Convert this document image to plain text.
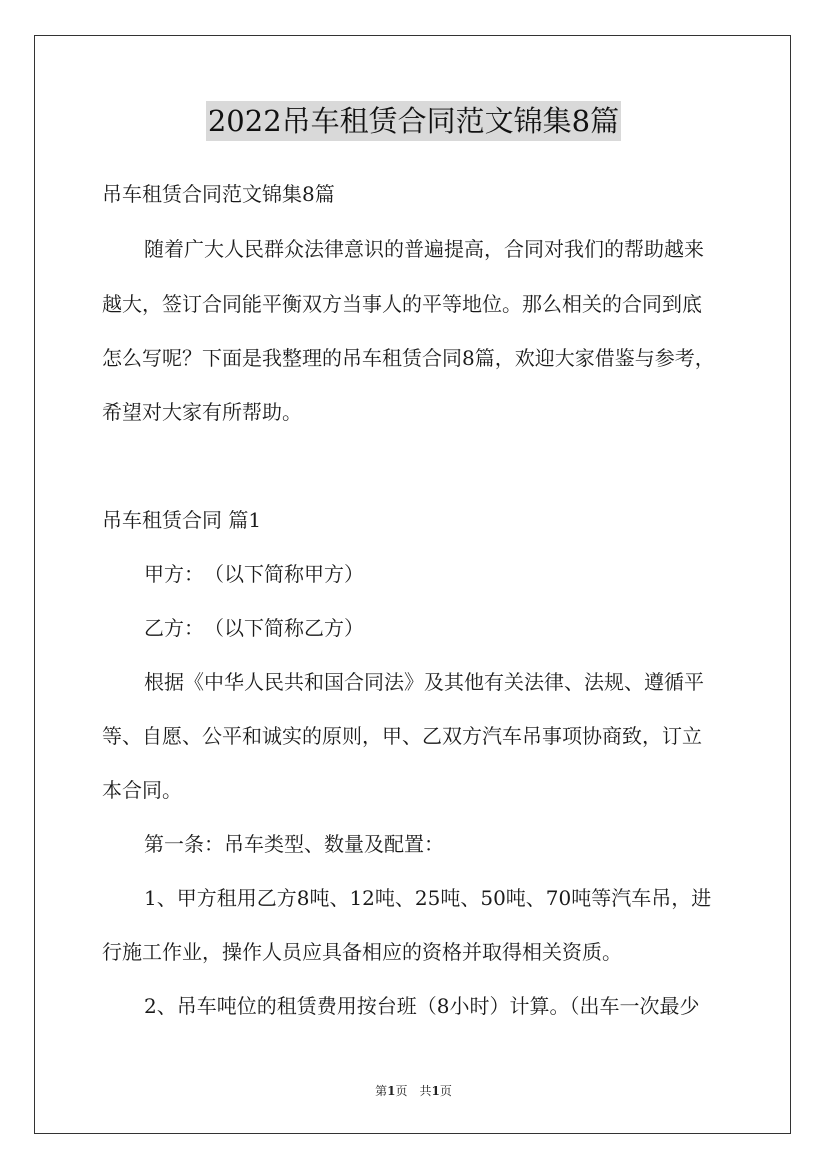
2022吊车租赁合同范文锦集8篇
吊车租赁合同范文锦集8篇
随着广大人民群众法律意识的普遍提高，合同对我们的帮助越来
越大，签订合同能平衡双方当事人的平等地位。那么相关的合同到底
怎么写呢？下面是我整理的吊车租赁合同8篇，欢迎大家借鉴与参考，
希望对大家有所帮助。
吊车租赁合同 篇1
甲方：　（以下简称甲方）
乙方：　（以下简称乙方）
根据《中华人民共和国合同法》及其他有关法律、法规、遵循平
等、自愿、公平和诚实的原则，甲、乙双方汽车吊事项协商致，订立
本合同。
第一条：吊车类型、数量及配置：
1、甲方租用乙方8吨、12吨、25吨、50吨、70吨等汽车吊，进
行施工作业，操作人员应具备相应的资格并取得相关资质。
2、吊车吨位的租赁费用按台班（8小时）计算。（出车一次最少
第1页　共1页
